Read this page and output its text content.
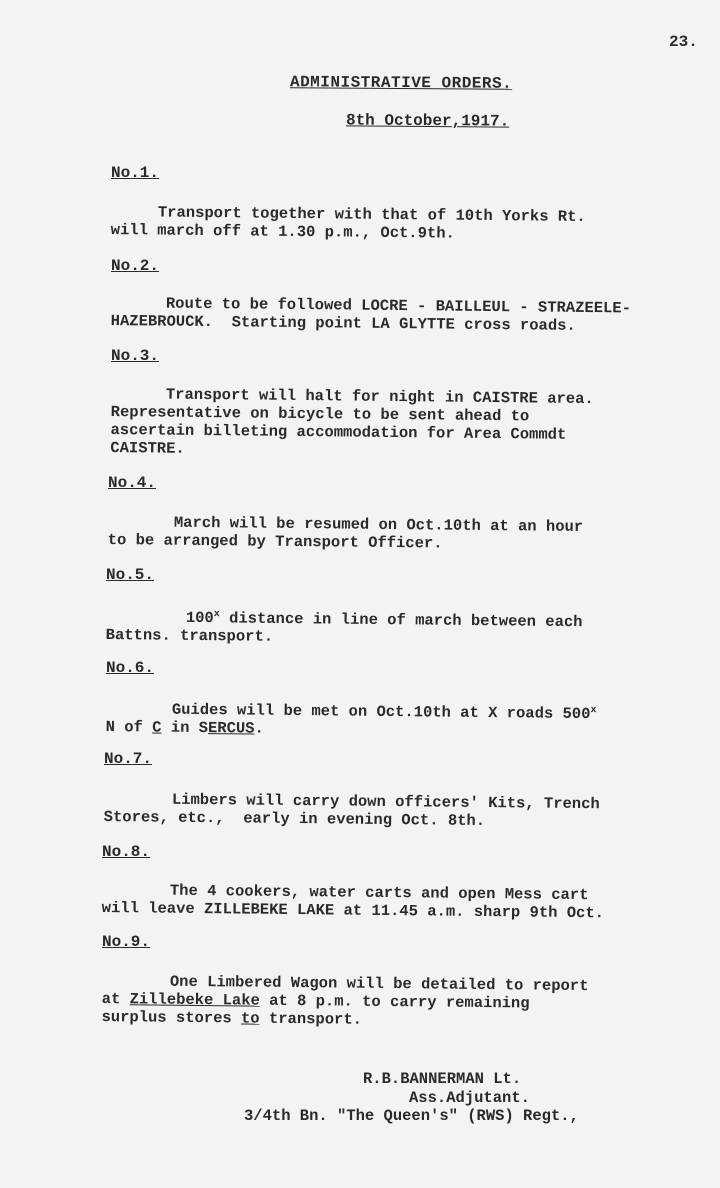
23.
ADMINISTRATIVE ORDERS.
8th October,1917.
No.1.
Transport together with that of 10th Yorks Rt.
will march off at 1.30 p.m., Oct.9th.
No.2.
Route to be followed LOCRE - BAILLEUL - STRAZEELE-
HAZEBROUCK.  Starting point LA GLYTTE cross roads.
No.3.
Transport will halt for night in CAISTRE area.
Representative on bicycle to be sent ahead to
ascertain billeting accommodation for Area Commdt
CAISTRE.
No.4.
March will be resumed on Oct.10th at an hour
to be arranged by Transport Officer.
No.5.
100$^x$ distance in line of march between each
Battns. transport.
No.6.
Guides will be met on Oct.10th at X roads 500$^x$
N of C in SERCUS.
No.7.
Limbers will carry down officers' Kits, Trench
Stores, etc.,  early in evening Oct. 8th.
No.8.
The 4 cookers, water carts and open Mess cart
will leave ZILLEBEKE LAKE at 11.45 a.m. sharp 9th Oct.
No.9.
One Limbered Wagon will be detailed to report
at Zillebeke Lake at 8 p.m. to carry remaining
surplus stores to transport.
R.B.BANNERMAN Lt.
Ass.Adjutant.
3/4th Bn. "The Queen's" (RWS) Regt.,
